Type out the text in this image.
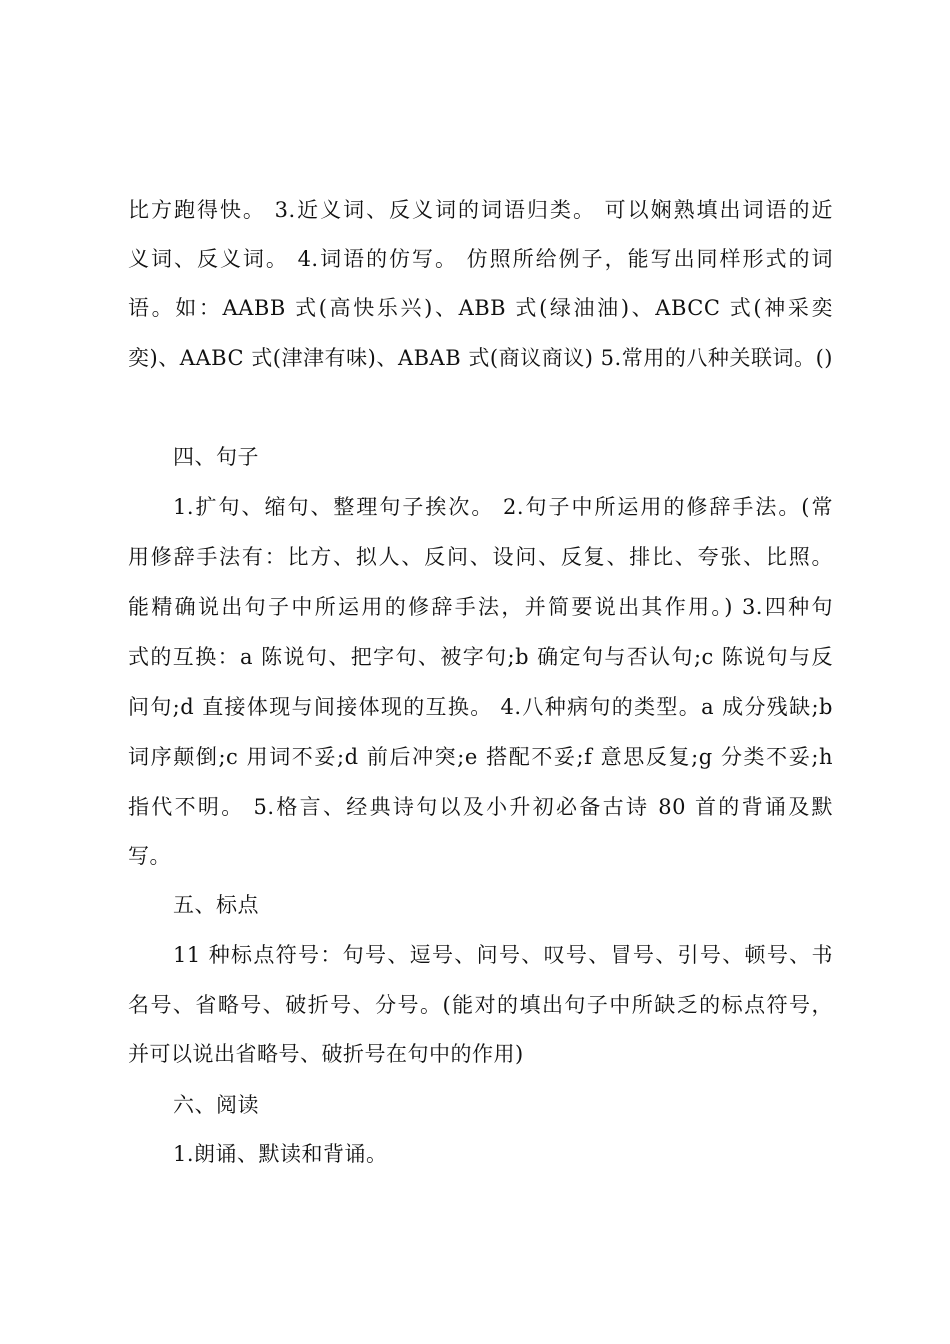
比方跑得快。 3.近义词、反义词的词语归类。 可以娴熟填出词语的近
义词、反义词。 4.词语的仿写。 仿照所给例子，能写出同样形式的词
语。如：AABB 式(高快乐兴)、ABB 式(绿油油)、ABCC 式(神采奕
奕)、AABC 式(津津有味)、ABAB 式(商议商议) 5.常用的八种关联词。()
四、句子
1.扩句、缩句、整理句子挨次。 2.句子中所运用的修辞手法。(常
用修辞手法有：比方、拟人、反问、设问、反复、排比、夸张、比照。
能精确说出句子中所运用的修辞手法，并简要说出其作用。) 3.四种句
式的互换：a 陈说句、把字句、被字句;b 确定句与否认句;c 陈说句与反
问句;d 直接体现与间接体现的互换。 4.八种病句的类型。a 成分残缺;b
词序颠倒;c 用词不妥;d 前后冲突;e 搭配不妥;f 意思反复;g 分类不妥;h
指代不明。 5.格言、经典诗句以及小升初必备古诗 80 首的背诵及默
写。
五、标点
11 种标点符号：句号、逗号、问号、叹号、冒号、引号、顿号、书
名号、省略号、破折号、分号。(能对的填出句子中所缺乏的标点符号，
并可以说出省略号、破折号在句中的作用)
六、阅读
1.朗诵、默读和背诵。
